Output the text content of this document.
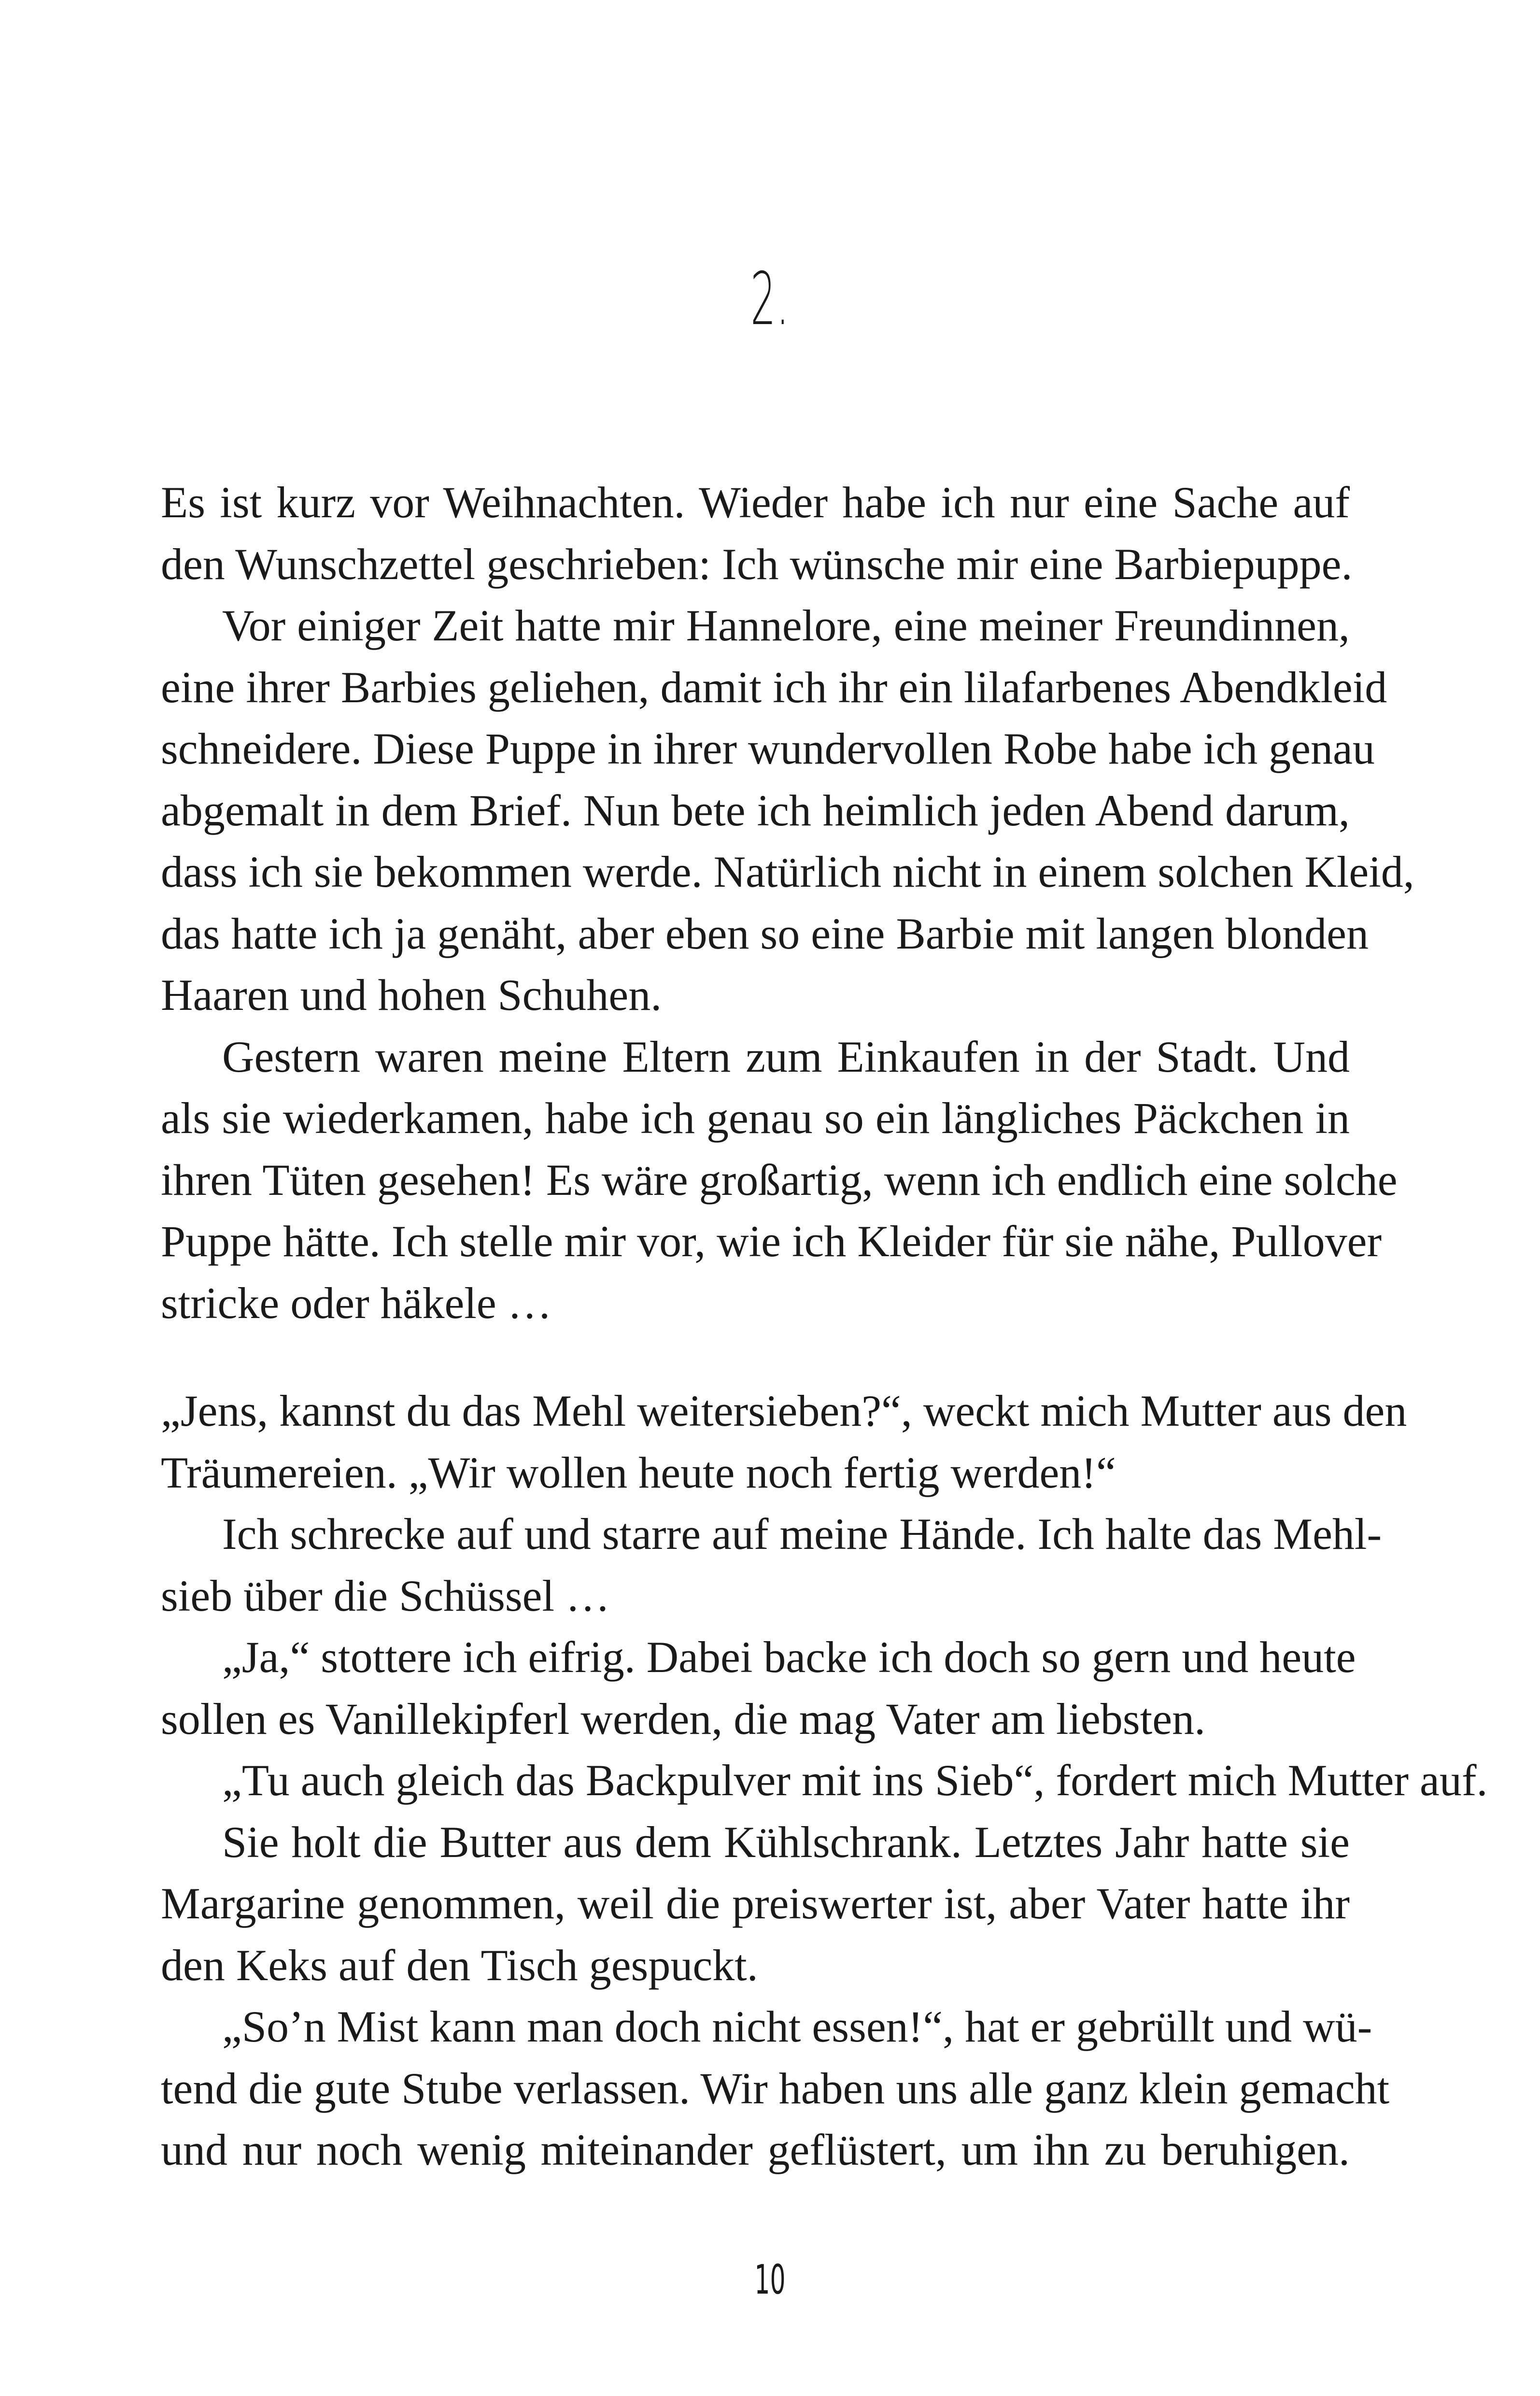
2.

Es ist kurz vor Weihnachten. Wieder habe ich nur eine Sache auf
den Wunschzettel geschrieben: Ich wünsche mir eine Barbiepuppe.

Vor einiger Zeit hatte mir Hannelore, eine meiner Freundinnen,
eine ihrer Barbies geliehen, damit ich ihr ein lilafarbenes Abendkleid
schneidere. Diese Puppe in ihrer wundervollen Robe habe ich genau
abgemalt in dem Brief. Nun bete ich heimlich jeden Abend darum,
dass ich sie bekommen werde. Natürlich nicht in einem solchen Kleid,
das hatte ich ja genäht, aber eben so eine Barbie mit langen blonden
Haaren und hohen Schuhen.

Gestern waren meine Eltern zum Einkaufen in der Stadt. Und
als sie wiederkamen, habe ich genau so ein längliches Päckchen in
ihren Tüten gesehen! Es wäre großartig, wenn ich endlich eine solche
Puppe hätte. Ich stelle mir vor, wie ich Kleider für sie nähe, Pullover
stricke oder häkele …

„Jens, kannst du das Mehl weitersieben?“, weckt mich Mutter aus den
Träumereien. „Wir wollen heute noch fertig werden!“

Ich schrecke auf und starre auf meine Hände. Ich halte das Mehl-
sieb über die Schüssel …

„Ja,“ stottere ich eifrig. Dabei backe ich doch so gern und heute
sollen es Vanillekipferl werden, die mag Vater am liebsten.

„Tu auch gleich das Backpulver mit ins Sieb“, fordert mich Mutter auf.

Sie holt die Butter aus dem Kühlschrank. Letztes Jahr hatte sie
Margarine genommen, weil die preiswerter ist, aber Vater hatte ihr
den Keks auf den Tisch gespuckt.

„So’n Mist kann man doch nicht essen!“, hat er gebrüllt und wü-
tend die gute Stube verlassen. Wir haben uns alle ganz klein gemacht
und nur noch wenig miteinander geflüstert, um ihn zu beruhigen.

10
